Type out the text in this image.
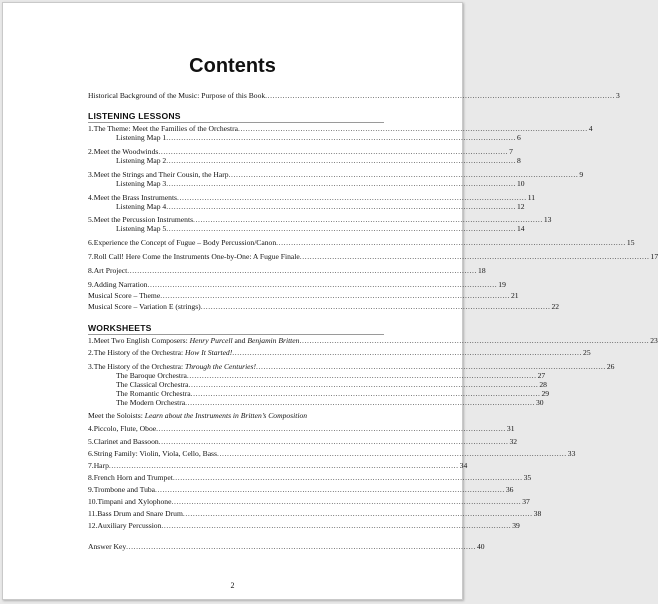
Contents
Historical Background of the Music: Purpose of this Book ............................................................................................................................................ 3
LISTENING LESSONS
1. The Theme: Meet the Families of the Orchestra ............................................................................................................................................ 4
Listening Map 1 ............................................................................................................................................ 6
2. Meet the Woodwinds ............................................................................................................................................ 7
Listening Map 2 ............................................................................................................................................ 8
3. Meet the Strings and Their Cousin, the Harp ............................................................................................................................................ 9
Listening Map 3 ............................................................................................................................................ 10
4. Meet the Brass Instruments ............................................................................................................................................ 11
Listening Map 4 ............................................................................................................................................ 12
5. Meet the Percussion Instruments ............................................................................................................................................ 13
Listening Map 5 ............................................................................................................................................ 14
6. Experience the Concept of Fugue – Body Percussion/Canon ............................................................................................................................................ 15
7. Roll Call! Here Come the Instruments One-by-One: A Fugue Finale ............................................................................................................................................ 17
8. Art Project ............................................................................................................................................ 18
9. Adding Narration ............................................................................................................................................ 19
Musical Score – Theme ............................................................................................................................................ 21
Musical Score – Variation E (strings) ............................................................................................................................................ 22
WORKSHEETS
1. Meet Two English Composers: Henry Purcell and Benjamin Britten ............................................................................................................................................ 23
2. The History of the Orchestra: How It Started! ............................................................................................................................................ 25
3. The History of the Orchestra: Through the Centuries! ............................................................................................................................................ 26
The Baroque Orchestra ............................................................................................................................................ 27
The Classical Orchestra ............................................................................................................................................ 28
The Romantic Orchestra ............................................................................................................................................ 29
The Modern Orchestra ............................................................................................................................................ 30
Meet the Soloists: Learn about the Instruments in Britten’s Composition
4. Piccolo, Flute, Oboe ............................................................................................................................................ 31
5. Clarinet and Bassoon ............................................................................................................................................ 32
6. String Family: Violin, Viola, Cello, Bass ............................................................................................................................................ 33
7. Harp ............................................................................................................................................ 34
8. French Horn and Trumpet ............................................................................................................................................ 35
9. Trombone and Tuba ............................................................................................................................................ 36
10. Timpani and Xylophone ............................................................................................................................................ 37
11. Bass Drum and Snare Drum ............................................................................................................................................ 38
12. Auxiliary Percussion ............................................................................................................................................ 39
Answer Key ............................................................................................................................................ 40
2
